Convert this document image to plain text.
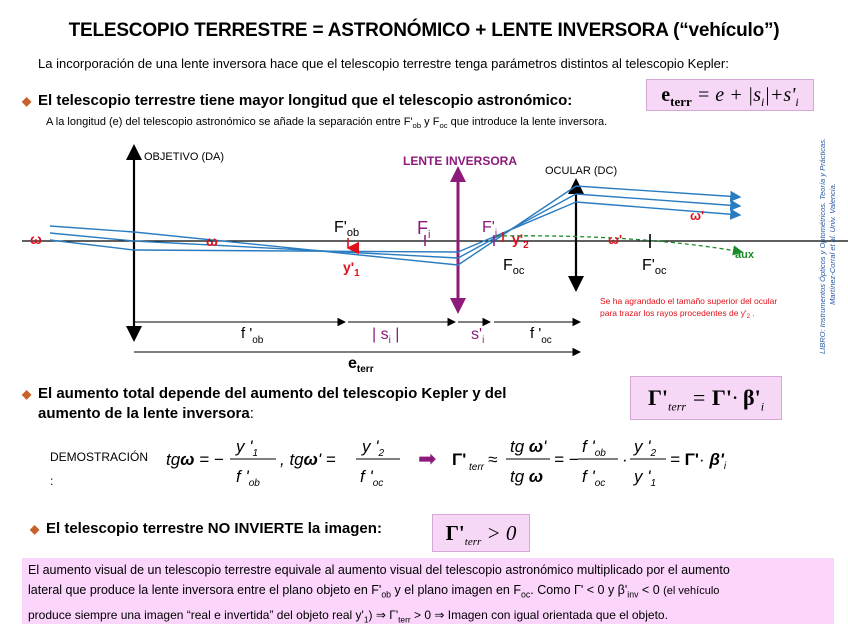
TELESCOPIO TERRESTRE = ASTRONÓMICO + LENTE INVERSORA (“vehículo”)
La incorporación de una lente inversora hace que el telescopio terrestre tenga parámetros distintos al telescopio Kepler:
◆ El telescopio terrestre tiene mayor longitud que el telescopio astronómico:	$e_{terr} = e + |s_i|+s'_i$
A la longitud (e) del telescopio astronómico se añade la separación entre $F'_{ob}$ y $F_{oc}$ que introduce la lente inversora.
OBJETIVO (DA)	LENTE INVERSORA
OCULAR (DC)
aux
ω	ω
ω'
ω'
$F'_{ob}$
$y'_1$
$F_i$	$F'_i$ $y'_2$
$F_{oc}$	$F'_{oc}$
Se ha agrandado el tamaño superior del ocular
para trazar los rayos procedentes de $y'_2$ .
f '$_{ob}$	| $s_i$ |	$s'_i$	f '$_{oc}$
$e_{terr}$
LIBRO: Instrumentos Ópticos y Optométricos. Teoría y Prácticas. Martínez-Corral et al. Univ. Valencia.
◆ El aumento total depende del aumento del telescopio Kepler y del
aumento de la lente inversora:
$\Gamma'_{terr} = \Gamma'\cdot \beta'_i$
DEMOSTRACIÓN
:
tgω = −
y '$_1$
f '$_{ob}$
, tgω' =
y '$_2$
f '$_{oc}$
➡ Γ' terr ≈
tg ω'
tg ω
= −
f '$_{ob}$
f '$_{oc}$
·
y '$_2$
y '$_1$
= $\Gamma'\cdot \beta'_i$
◆ El telescopio terrestre NO INVIERTE la imagen:	$\Gamma'_{terr} > 0$
El aumento visual de un telescopio terrestre equivale al aumento visual del telescopio astronómico multiplicado por el aumento
lateral que produce la lente inversora entre el plano objeto en $F'_{ob}$ y el plano imagen en $F_{oc}$. Como Γ' < 0 y $\beta'_{inv} < 0$ (el vehículo
produce siempre una imagen “real e invertida” del objeto real $y'_1$) ⇒ $\Gamma'_{terr} > 0$ ⇒ Imagen con igual orientada que el objeto.
